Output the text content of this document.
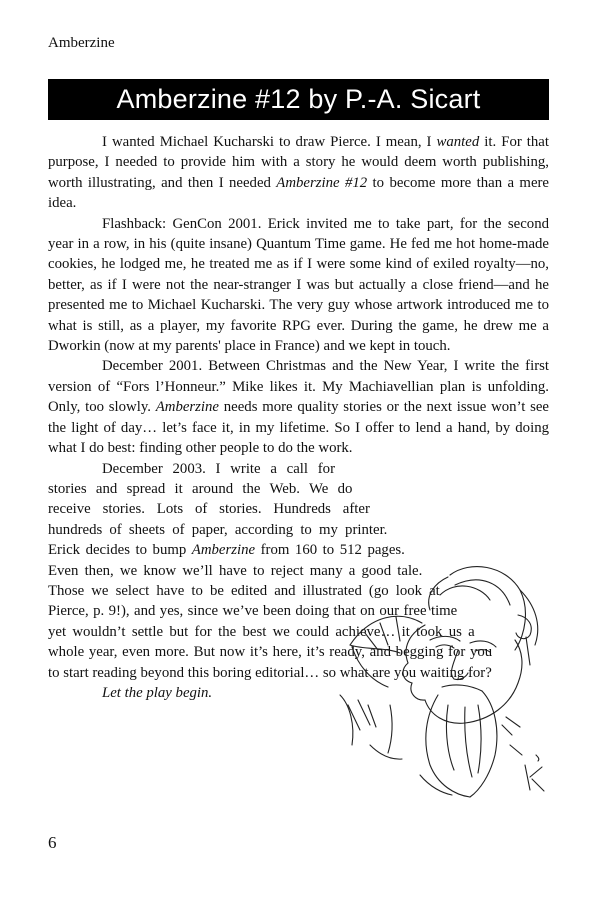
Amberzine
Amberzine #12 by P.-A. Sicart

I wanted Michael Kucharski to draw Pierce. I mean, I wanted it. For that purpose, I needed to provide him with a story he would deem worth publishing, worth illustrating, and then I needed Amberzine #12 to become more than a mere idea.

Flashback: GenCon 2001. Erick invited me to take part, for the second year in a row, in his (quite insane) Quantum Time game. He fed me hot home-made cookies, he lodged me, he treated me as if I were some kind of exiled royalty—no, better, as if I were not the near-stranger I was but actually a close friend—and he presented me to Michael Kucharski. The very guy whose artwork introduced me to what is still, as a player, my favorite RPG ever. During the game, he drew me a Dworkin (now at my parents' place in France) and we kept in touch.

December 2001. Between Christmas and the New Year, I write the first version of “Fors l’Honneur.” Mike likes it. My Machiavellian plan is unfolding. Only, too slowly. Amberzine needs more quality stories or the next issue won’t see the light of day… let’s face it, in my lifetime. So I offer to lend a hand, by doing what I do best: finding other people to do the work.

December 2003. I write a call for stories and spread it around the Web. We do receive stories. Lots of stories. Hundreds after hundreds of sheets of paper, according to my printer. Erick decides to bump Amberzine from 160 to 512 pages. Even then, we know we’ll have to reject many a good tale. Those we select have to be edited and illustrated (go look at Pierce, p. 9!), and yes, since we’ve been doing that on our free time yet wouldn’t settle but for the best we could achieve… it took us a whole year, even more. But now it’s here, it’s ready, and begging for you to start reading beyond this boring editorial… so what are you waiting for?

Let the play begin.

6
